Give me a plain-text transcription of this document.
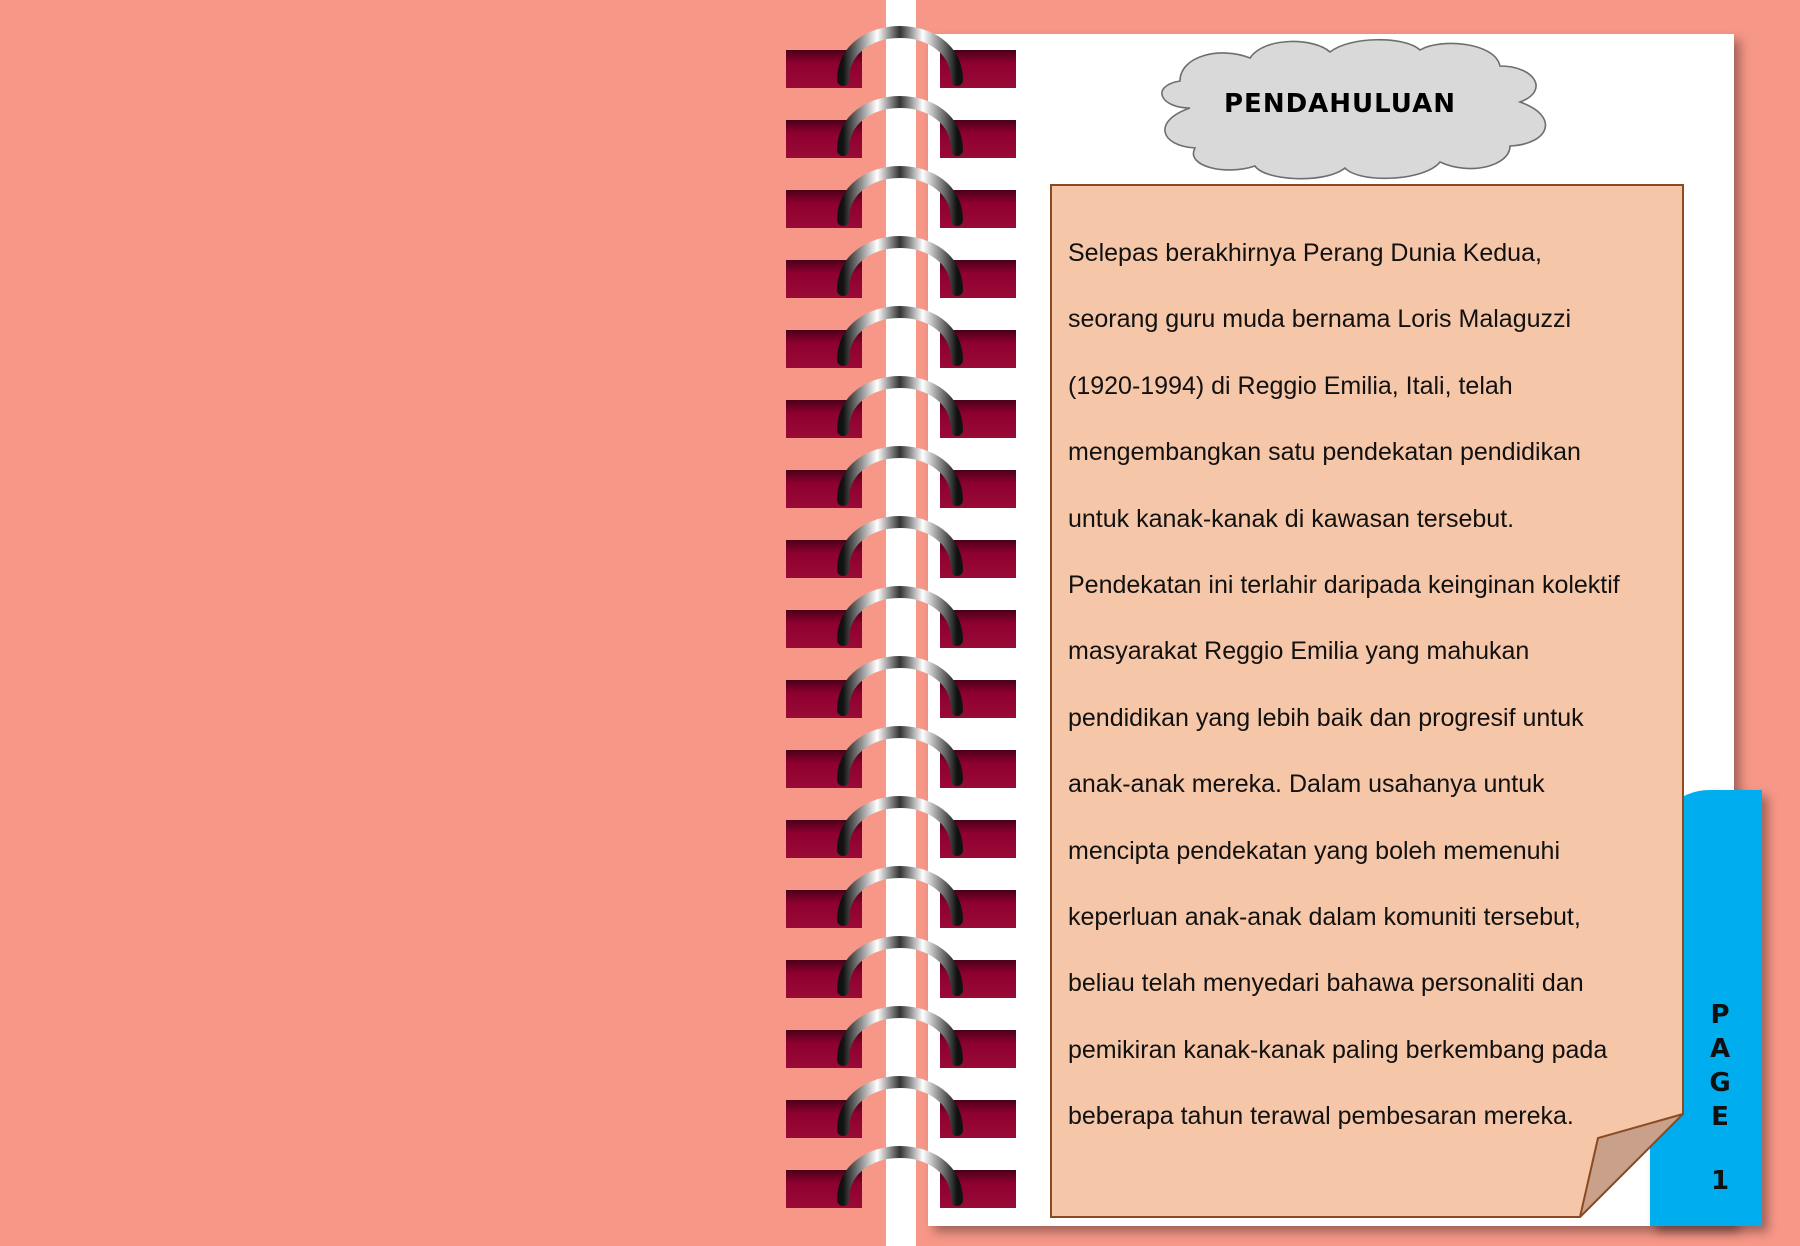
PENDAHULUAN
Selepas berakhirnya Perang Dunia Kedua,
seorang guru muda bernama Loris Malaguzzi
(1920-1994) di Reggio Emilia, Itali, telah
mengembangkan satu pendekatan pendidikan
untuk kanak-kanak di kawasan tersebut.
Pendekatan ini terlahir daripada keinginan kolektif
masyarakat Reggio Emilia yang mahukan
pendidikan yang lebih baik dan progresif untuk
anak-anak mereka. Dalam usahanya untuk
mencipta pendekatan yang boleh memenuhi
keperluan anak-anak dalam komuniti tersebut,
beliau telah menyedari bahawa personaliti dan
pemikiran kanak-kanak paling berkembang pada
beberapa tahun terawal pembesaran mereka.
P
A
G
E
1
